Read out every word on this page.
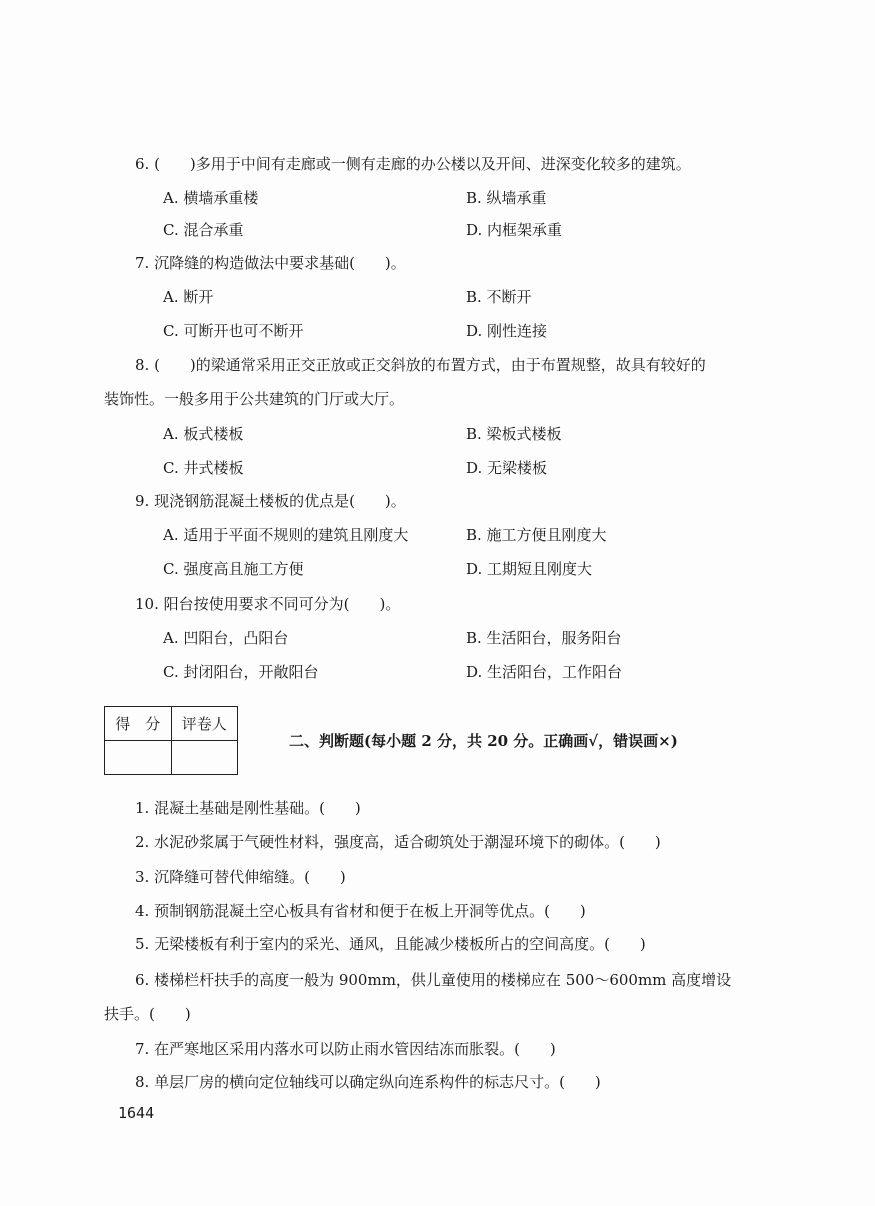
6. (　　)多用于中间有走廊或一侧有走廊的办公楼以及开间、进深变化较多的建筑。
A. 横墙承重楼	B. 纵墙承重
C. 混合承重	D. 内框架承重
7. 沉降缝的构造做法中要求基础(　　)。
A. 断开	B. 不断开
C. 可断开也可不断开	D. 刚性连接
8. (　　)的梁通常采用正交正放或正交斜放的布置方式，由于布置规整，故具有较好的
装饰性。一般多用于公共建筑的门厅或大厅。
A. 板式楼板	B. 梁板式楼板
C. 井式楼板	D. 无梁楼板
9. 现浇钢筋混凝土楼板的优点是(　　)。
A. 适用于平面不规则的建筑且刚度大	B. 施工方便且刚度大
C. 强度高且施工方便	D. 工期短且刚度大
10. 阳台按使用要求不同可分为(　　)。
A. 凹阳台，凸阳台	B. 生活阳台，服务阳台
C. 封闭阳台，开敞阳台	D. 生活阳台，工作阳台
得　分	评卷人

二、判断题(每小题 2 分，共 20 分。正确画√，错误画×)
1. 混凝土基础是刚性基础。(　　)
2. 水泥砂浆属于气硬性材料，强度高，适合砌筑处于潮湿环境下的砌体。(　　)
3. 沉降缝可替代伸缩缝。(　　)
4. 预制钢筋混凝土空心板具有省材和便于在板上开洞等优点。(　　)
5. 无梁楼板有利于室内的采光、通风，且能减少楼板所占的空间高度。(　　)
6. 楼梯栏杆扶手的高度一般为 900mm，供儿童使用的楼梯应在 500～600mm 高度增设
扶手。(　　)
7. 在严寒地区采用内落水可以防止雨水管因结冻而胀裂。(　　)
8. 单层厂房的横向定位轴线可以确定纵向连系构件的标志尺寸。(　　)
1644
